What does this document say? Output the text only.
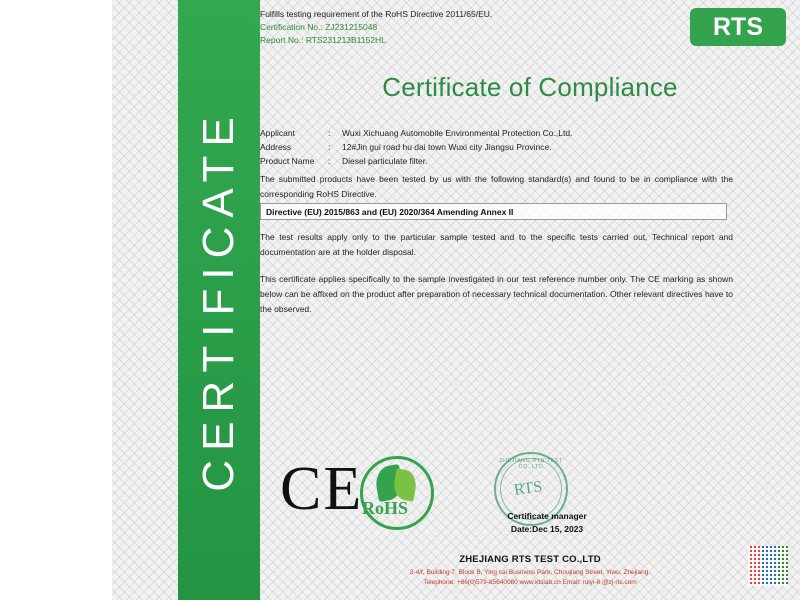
CERTIFICATE
Fulfills testing requirement of the RoHS Directive 2011/65/EU.
Certification No.: ZJ231215048
Report No.: RTS231213B1152HL	RTS
Certificate of Compliance
Applicant	:	Wuxi Xichuang Automobile Environmental Protection Co.,Ltd.
Address	:	12#Jin gui road hu dai town Wuxi city Jiangsu Province.
Product Name	:	Diesel particulate filter.
The submitted products have been tested by us with the following standard(s) and found to be in compliance with the corresponding RoHS Directive.
Directive (EU) 2015/863 and (EU) 2020/364 Amending Annex II
The test results apply only to the particular sample tested and to the specific tests carried out, Technical report and documentation are at the holder disposal.
This certificate applies specifically to the sample investigated in our test reference number only. The CE marking as shown below can be affixed on the product after preparation of necessary technical documentation. Other relevant directives have to the observed.
CE
RoHS
ZHEJIANG RTS TEST CO.,LTD
RTS
Certificate manager
Date:Dec 15, 2023
ZHEJIANG RTS TEST CO.,LTD
2-4/f, Building 7, Block B, Ying cai Business Park, Choujiang Street, Yiwu, Zhejiang.
Telephone: +86(0)579-85640080 www.ktslab.cn Email: ruiyi-8 @zj-rts.com
